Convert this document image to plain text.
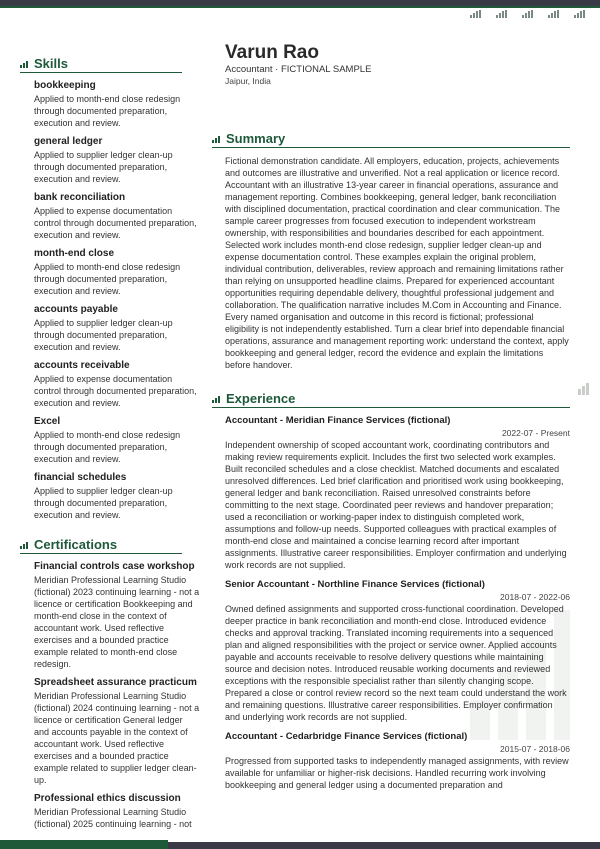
Skills
bookkeeping
Applied to month-end close redesign through documented preparation, execution and review.
general ledger
Applied to supplier ledger clean-up through documented preparation, execution and review.
bank reconciliation
Applied to expense documentation control through documented preparation, execution and review.
month-end close
Applied to month-end close redesign through documented preparation, execution and review.
accounts payable
Applied to supplier ledger clean-up through documented preparation, execution and review.
accounts receivable
Applied to expense documentation control through documented preparation, execution and review.
Excel
Applied to month-end close redesign through documented preparation, execution and review.
financial schedules
Applied to supplier ledger clean-up through documented preparation, execution and review.
Certifications
Financial controls case workshop
Meridian Professional Learning Studio (fictional) 2023 continuing learning - not a licence or certification Bookkeeping and month-end close in the context of accountant work. Used reflective exercises and a bounded practice example related to month-end close redesign.
Spreadsheet assurance practicum
Meridian Professional Learning Studio (fictional) 2024 continuing learning - not a licence or certification General ledger and accounts payable in the context of accountant work. Used reflective exercises and a bounded practice example related to supplier ledger clean-up.
Professional ethics discussion
Meridian Professional Learning Studio (fictional) 2025 continuing learning - not
Varun Rao
Accountant · FICTIONAL SAMPLE
Jaipur, India
Summary
Fictional demonstration candidate. All employers, education, projects, achievements and outcomes are illustrative and unverified. Not a real application or licence record. Accountant with an illustrative 13-year career in financial operations, assurance and management reporting. Combines bookkeeping, general ledger, bank reconciliation with disciplined documentation, practical coordination and clear communication. The sample career progresses from focused execution to independent workstream ownership, with responsibilities and boundaries described for each appointment. Selected work includes month-end close redesign, supplier ledger clean-up and expense documentation control. These examples explain the original problem, individual contribution, deliverables, review approach and remaining limitations rather than relying on unsupported headline claims. Prepared for experienced accountant opportunities requiring dependable delivery, thoughtful professional judgement and collaboration. The qualification narrative includes M.Com in Accounting and Finance. Every named organisation and outcome in this record is fictional; professional eligibility is not independently established. Turn a clear brief into dependable financial operations, assurance and management reporting work: understand the context, apply bookkeeping and general ledger, record the evidence and explain the limitations before handover.
Experience
Accountant - Meridian Finance Services (fictional)
2022-07 - Present
Independent ownership of scoped accountant work, coordinating contributors and making review requirements explicit. Includes the first two selected work examples. Built reconciled schedules and a close checklist. Matched documents and escalated unresolved differences. Led brief clarification and prioritised work using bookkeeping, general ledger and bank reconciliation. Raised unresolved constraints before committing to the next stage. Coordinated peer reviews and handover preparation; used a reconciliation or working-paper index to distinguish completed work, assumptions and follow-up needs. Supported colleagues with practical examples of month-end close and maintained a concise learning record after important assignments. Illustrative career responsibilities. Employer confirmation and underlying work records are not supplied.
Senior Accountant - Northline Finance Services (fictional)
2018-07 - 2022-06
Owned defined assignments and supported cross-functional coordination. Developed deeper practice in bank reconciliation and month-end close. Introduced evidence checks and approval tracking. Translated incoming requirements into a sequenced plan and aligned responsibilities with the project or service owner. Applied accounts payable and accounts receivable to resolve delivery questions while maintaining source and decision notes. Introduced reusable working documents and reviewed exceptions with the responsible specialist rather than silently changing scope. Prepared a close or control review record so the next team could understand the work and remaining questions. Illustrative career responsibilities. Employer confirmation and underlying work records are not supplied.
Accountant - Cedarbridge Finance Services (fictional)
2015-07 - 2018-06
Progressed from supported tasks to independently managed assignments, with review available for unfamiliar or higher-risk decisions. Handled recurring work involving bookkeeping and general ledger using a documented preparation and
